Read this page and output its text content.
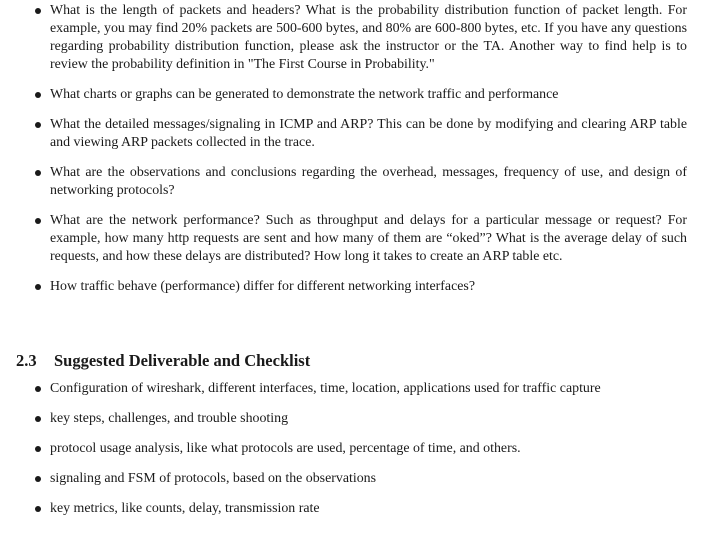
What is the length of packets and headers? What is the probability distribution function of packet length. For example, you may find 20% packets are 500-600 bytes, and 80% are 600-800 bytes, etc. If you have any questions regarding probability distribution function, please ask the instructor or the TA. Another way to find help is to review the probability definition in "The First Course in Probability."
What charts or graphs can be generated to demonstrate the network traffic and performance
What the detailed messages/signaling in ICMP and ARP? This can be done by modifying and clearing ARP table and viewing ARP packets collected in the trace.
What are the observations and conclusions regarding the overhead, messages, frequency of use, and design of networking protocols?
What are the network performance? Such as throughput and delays for a particular message or request? For example, how many http requests are sent and how many of them are “oked”? What is the average delay of such requests, and how these delays are distributed? How long it takes to create an ARP table etc.
How traffic behave (performance) differ for different networking interfaces?
2.3 Suggested Deliverable and Checklist
Configuration of wireshark, different interfaces, time, location, applications used for traffic capture
key steps, challenges, and trouble shooting
protocol usage analysis, like what protocols are used, percentage of time, and others.
signaling and FSM of protocols, based on the observations
key metrics, like counts, delay, transmission rate
